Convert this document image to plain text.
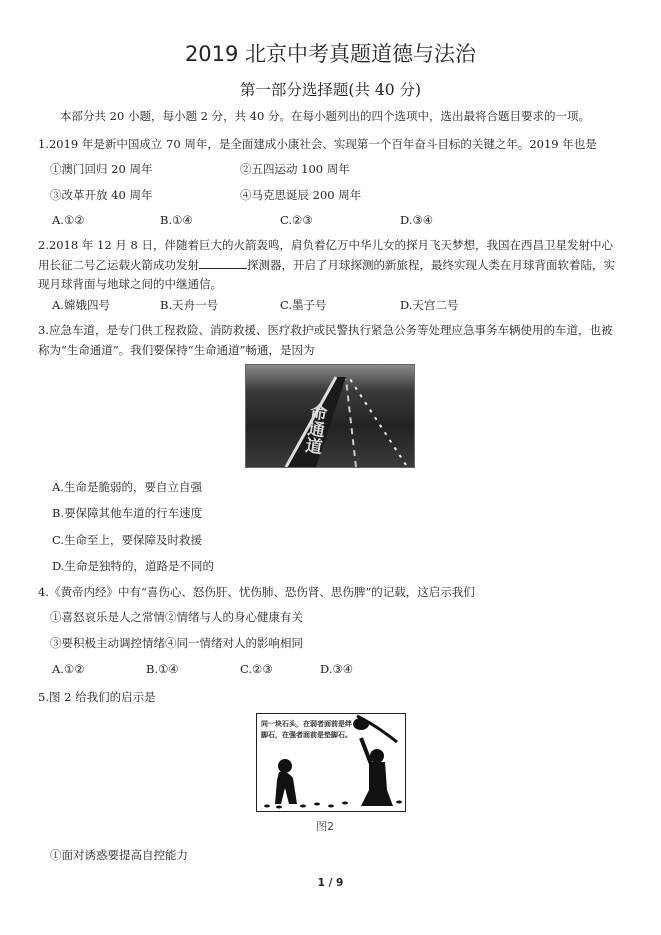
2019 北京中考真题道德与法治
第一部分选择题(共 40 分)
本部分共 20 小题，每小题 2 分，共 40 分。在每小题列出的四个选项中，选出最将合题目要求的一项。
1.2019 年是新中国成立 70 周年，是全面建成小康社会、实现第一个百年奋斗目标的关键之年。2019 年也是
①澳门回归 20 周年	②五四运动 100 周年
③改革开放 40 周年	④马克思诞辰 200 周年
A.①②	B.①④	C.②③	D.③④
2.2018 年 12 月 8 日，伴随着巨大的火箭轰鸣，肩负着亿万中华儿女的探月飞天梦想，我国在西昌卫星发射中心用长征二号乙运载火箭成功发射	探测器，开启了月球探测的新旅程，最终实现人类在月球背面软着陆，实现月球背面与地球之间的中继通信。
A.嫦娥四号	B.天舟一号	C.墨子号	D.天宫二号
3.应急车道，是专门供工程救险、消防救援、医疗救护或民警执行紧急公务等处理应急事务车辆使用的车道，也被称为“生命通道”。我们要保持“生命通道”畅通，是因为
命通道
A.生命是脆弱的，要自立自强
B.要保障其他车道的行车速度
C.生命至上，要保障及时救援
D.生命是独特的，道路是不同的
4.《黄帝内经》中有“喜伤心、怒伤肝、忧伤肺、恐伤肾、思伤脾”的记载，这启示我们
①喜怒哀乐是人之常情②情绪与人的身心健康有关
③要积极主动调控情绪④同一情绪对人的影响相同
A.①②	B.①④	C.②③	D.③④
5.图 2 给我们的启示是
同一块石头，在弱者面前是绊脚石，在强者面前是垫脚石。
图2
①面对诱惑要提高自控能力
1 / 9
